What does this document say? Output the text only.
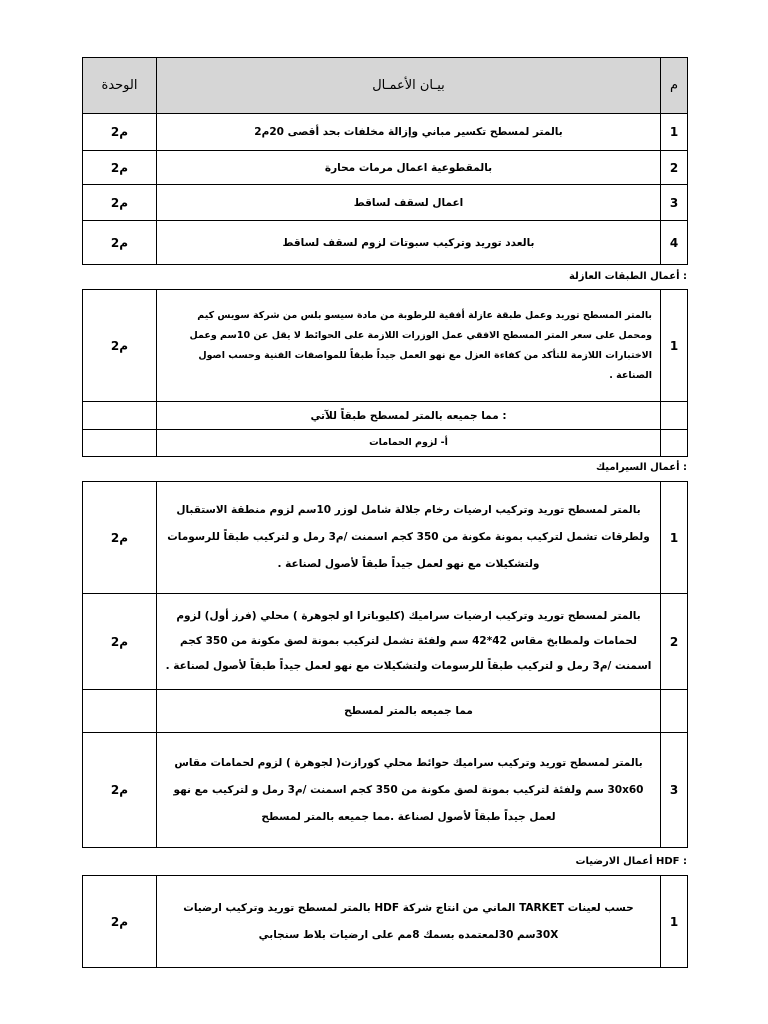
م	بيـان الأعمـال	الوحدة
1	بالمتر لمسطح تكسير مباني وإزالة مخلفات بحد أقصى 20م2	م2
2	بالمقطوعية اعمال مرمات محارة	م2
3	اعمال لسقف لساقط	م2
4	بالعدد توريد وتركيب سبوتات لزوم لسقف لساقط	م2
: أعمال الطبقات العازلة
1	بالمتر المسطح توريد وعمل طبقة عازلة أفقية للرطوبة من مادة سيسو بلس من شركة سويس كيم ومحمل على سعر المتر المسطح الافقي عمل الوزرات اللازمة على الحوائط لا يقل عن 10سم وعمل الاختبارات اللازمة للتأكد من كفاءة العزل مع نهو العمل جيداً طبقاً للمواصفات الفنية وحسب اصول الصناعة .	م2
	: مما جميعه بالمتر لمسطح طبقاً للآتي	
	أ- لزوم الحمامات	
: أعمال السيراميك
1	بالمتر لمسطح توريد وتركيب ارضيات رخام جلالة شامل لوزر 10سم لزوم منطقة الاستقبال ولطرقات تشمل لتركيب بمونة مكونة من 350 كجم اسمنت /م3 رمل و لتركيب طبقاً للرسومات ولتشكيلات مع نهو لعمل جيداً طبقاً لأصول لصناعة .	م2
2	بالمتر لمسطح توريد وتركيب ارضيات سراميك (كليوباترا او لجوهرة ) محلي (فرز أول) لزوم لحمامات ولمطابخ مقاس 42*42 سم ولفئة تشمل لتركيب بمونة لصق مكونة من 350 كجم اسمنت /م3 رمل و لتركيب طبقاً للرسومات ولتشكيلات مع نهو لعمل جيداً طبقاً لأصول لصناعة .	م2
	مما جميعه بالمتر لمسطح	
3	بالمتر لمسطح توريد وتركيب سراميك حوائط محلي كورازت( لجوهرة ) لزوم لحمامات مقاس 30x60 سم ولفئة لتركيب بمونة لصق مكونة من 350 كجم اسمنت /م3 رمل و لتركيب مع نهو لعمل جيداً طبقاً لأصول لصناعة .مما جميعه بالمتر لمسطح	م2
: HDF أعمال الارضيات
1	حسب لعينات TARKET الماني من انتاج شركة HDF بالمتر لمسطح توريد وتركيب ارضيات 30Xسم 30لمعتمده بسمك 8مم على ارضيات بلاط سنجابي	م2
